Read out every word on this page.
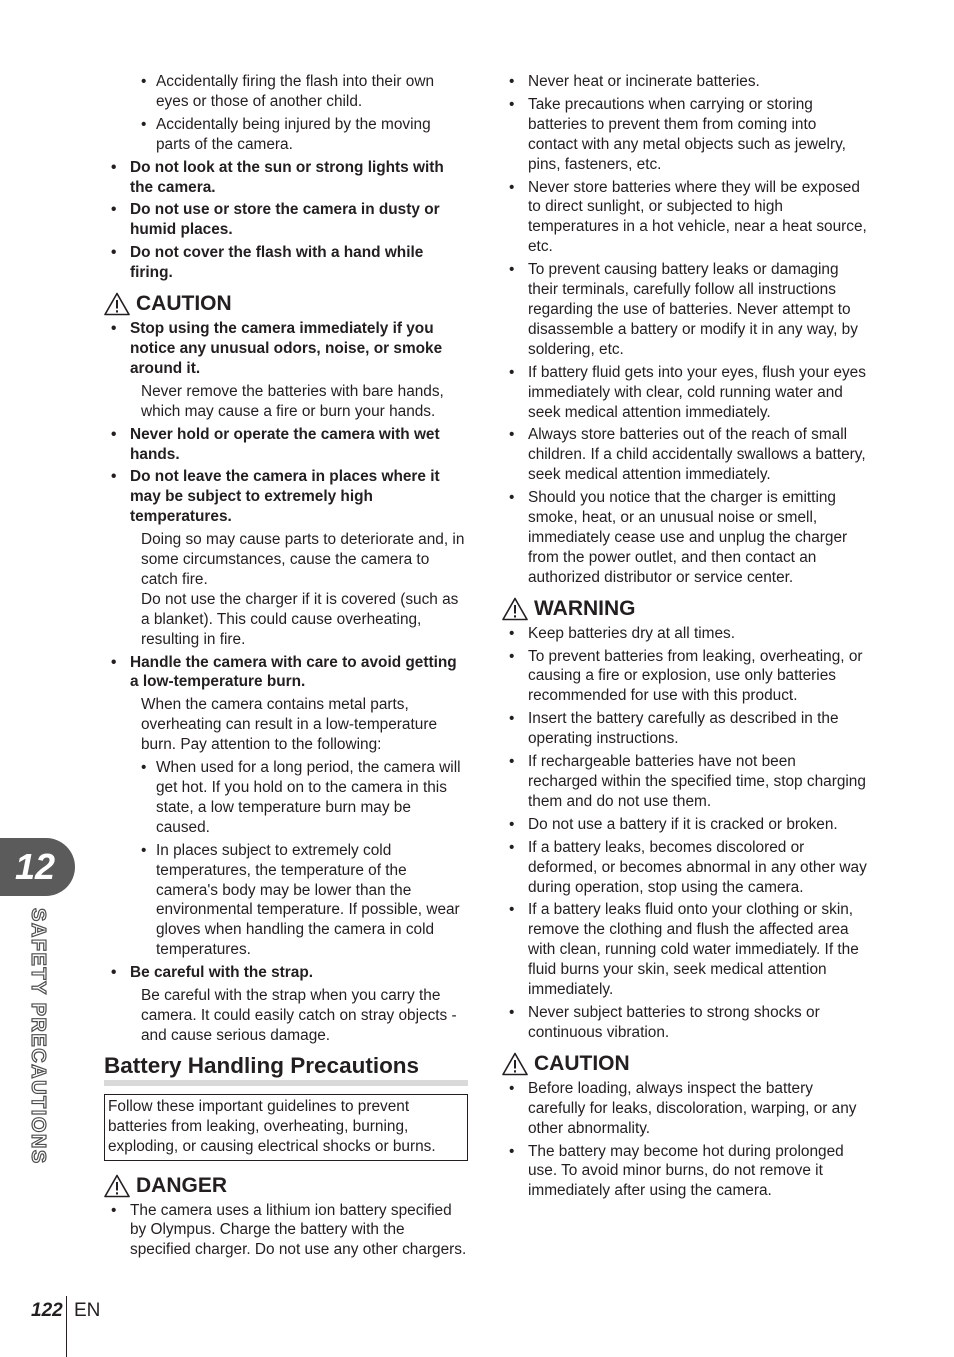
• Accidentally firing the flash into their own eyes or those of another child.
• Accidentally being injured by the moving parts of the camera.
• Do not look at the sun or strong lights with the camera.
• Do not use or store the camera in dusty or humid places.
• Do not cover the flash with a hand while firing.
CAUTION
• Stop using the camera immediately if you notice any unusual odors, noise, or smoke around it.
Never remove the batteries with bare hands, which may cause a fire or burn your hands.
• Never hold or operate the camera with wet hands.
• Do not leave the camera in places where it may be subject to extremely high temperatures.
Doing so may cause parts to deteriorate and, in some circumstances, cause the camera to catch fire.
Do not use the charger if it is covered (such as a blanket). This could cause overheating, resulting in fire.
• Handle the camera with care to avoid getting a low-temperature burn.
When the camera contains metal parts, overheating can result in a low-temperature burn. Pay attention to the following:
• When used for a long period, the camera will get hot. If you hold on to the camera in this state, a low temperature burn may be caused.
• In places subject to extremely cold temperatures, the temperature of the camera's body may be lower than the environmental temperature. If possible, wear gloves when handling the camera in cold temperatures.
• Be careful with the strap.
Be careful with the strap when you carry the camera. It could easily catch on stray objects - and cause serious damage.
Battery Handling Precautions
Follow these important guidelines to prevent batteries from leaking, overheating, burning, exploding, or causing electrical shocks or burns.
DANGER
• The camera uses a lithium ion battery specified by Olympus. Charge the battery with the specified charger. Do not use any other chargers.
• Never heat or incinerate batteries.
• Take precautions when carrying or storing batteries to prevent them from coming into contact with any metal objects such as jewelry, pins, fasteners, etc.
• Never store batteries where they will be exposed to direct sunlight, or subjected to high temperatures in a hot vehicle, near a heat source, etc.
• To prevent causing battery leaks or damaging their terminals, carefully follow all instructions regarding the use of batteries. Never attempt to disassemble a battery or modify it in any way, by soldering, etc.
• If battery fluid gets into your eyes, flush your eyes immediately with clear, cold running water and seek medical attention immediately.
• Always store batteries out of the reach of small children. If a child accidentally swallows a battery, seek medical attention immediately.
• Should you notice that the charger is emitting smoke, heat, or an unusual noise or smell, immediately cease use and unplug the charger from the power outlet, and then contact an authorized distributor or service center.
WARNING
• Keep batteries dry at all times.
• To prevent batteries from leaking, overheating, or causing a fire or explosion, use only batteries recommended for use with this product.
• Insert the battery carefully as described in the operating instructions.
• If rechargeable batteries have not been recharged within the specified time, stop charging them and do not use them.
• Do not use a battery if it is cracked or broken.
• If a battery leaks, becomes discolored or deformed, or becomes abnormal in any other way during operation, stop using the camera.
• If a battery leaks fluid onto your clothing or skin, remove the clothing and flush the affected area with clean, running cold water immediately. If the fluid burns your skin, seek medical attention immediately.
• Never subject batteries to strong shocks or continuous vibration.
CAUTION
• Before loading, always inspect the battery carefully for leaks, discoloration, warping, or any other abnormality.
• The battery may become hot during prolonged use. To avoid minor burns, do not remove it immediately after using the camera.
12
SAFETY PRECAUTIONS
122 EN
